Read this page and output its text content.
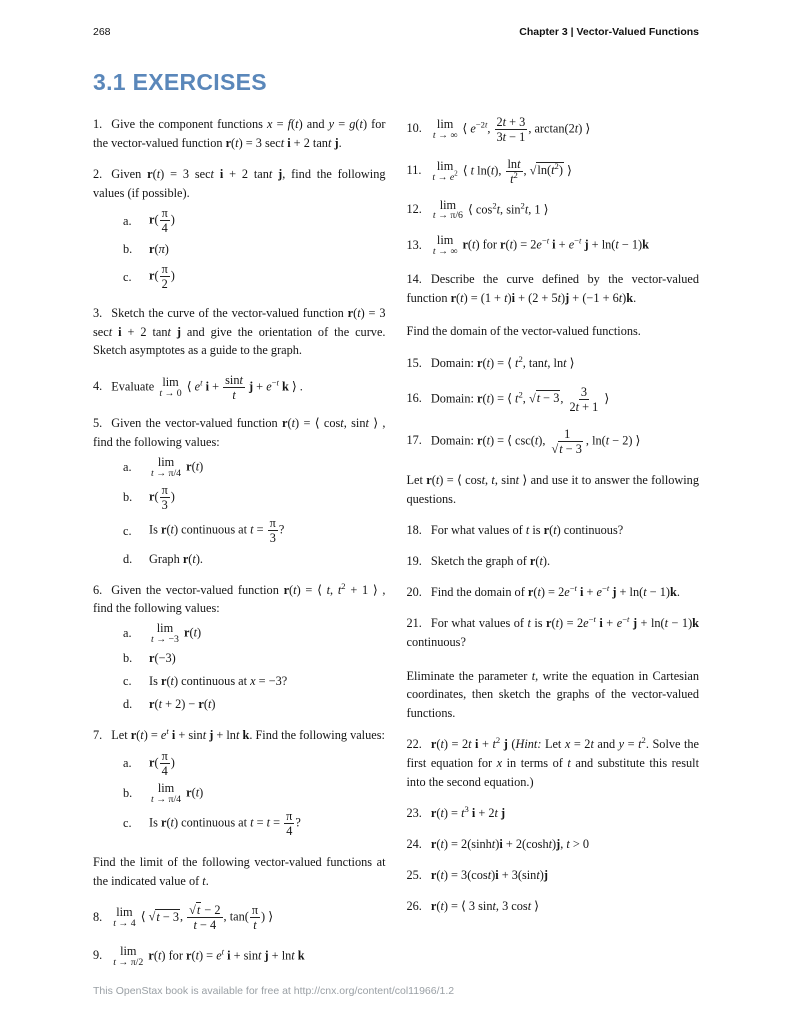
268	Chapter 3 | Vector-Valued Functions
3.1 EXERCISES

1. Give the component functions x = f(t) and y = g(t) for the vector-valued function r(t) = 3 sect i + 2 tant j.

2. Given r(t) = 3 sect i + 2 tant j, find the following values (if possible).

a.	$r( \frac{\pi}{4}$ )
b.	r(π)
c.	$r( \frac{\pi}{2}$ )

3. Sketch the curve of the vector-valued function r(t) = 3 sect i + 2 tant j and give the orientation of the curve. Sketch asymptotes as a guide to the graph.

4. Evaluate lim
t → 0 ⟨ $e^t$ $i + \frac{\sin t}{t}$ $j + e^{-t}$ k ⟩ .

5. Given the vector-valued function r(t) = ⟨ cost, sint ⟩ , find the following values:

a.	lim
t → π/4 r(t)
b.	$r( \frac{\pi}{3}$ )
c.	Is r(t) continuous at $t = \frac{\pi}{3}$ ?
d.	Graph r(t).

6. Given the vector-valued function r(t) = ⟨ t, $t^2 + 1$ ⟩ , find the following values:

a.	lim
t → −3 r(t)
b.	r(−3)
c.	Is r(t) continuous at x = −3?
d.	r(t + 2) − r(t)

7. Let $r(t) = e^t$ i + sint j + lnt k. Find the following values:

a.	$r( \frac{\pi}{4}$ )
b.	lim
t → π/4 r(t)
c.	Is r(t) continuous at $t = t = \frac{\pi}{4}$ ?

Find the limit of the following vector-valued functions at the indicated value of t.

8. lim
t → 4 ⟨ √t − 3, $\frac{√t - 2}{t - 4}$ , $\tan( \frac{\pi}{t}$ ) ⟩

9. lim
t → π/2 r(t) for $r(t) = e^t$ i + sint j + lnt k

10. lim
t → ∞ ⟨ $e^{-2t}$, $\frac{2t + 3}{3t - 1}$ , arctan(2t) ⟩

11. lim
$t \to e^2$ ⟨ t ln(t), $\frac{\ln t}{t^2}$ , $√\ln(t^2)$ ⟩

12. lim
t → π/6 ⟨ $\cos^2t$, $\sin^2t$, 1 ⟩

13. lim
t → ∞ r(t) for $r(t) = 2e^{-t}$ $i + e^{-t}$ j + ln(t − 1)k

14. Describe the curve defined by the vector-valued function r(t) = (1 + t)i + (2 + 5t)j + (−1 + 6t)k.

Find the domain of the vector-valued functions.

15. Domain: r(t) = ⟨ $t^2$, tant, lnt ⟩

16. Domain: r(t) = ⟨ $t^2$, √t − 3, $\frac{3}{2t + 1}$ ⟩

17. Domain: r(t) = ⟨ csc(t), $\frac{1}{√t - 3}$ , ln(t − 2) ⟩

Let r(t) = ⟨ cost, t, sint ⟩ and use it to answer the following questions.

18. For what values of t is r(t) continuous?

19. Sketch the graph of r(t).

20. Find the domain of $r(t) = 2e^{-t}$ $i + e^{-t}$ j + ln(t − 1)k.

21. For what values of t is $r(t) = 2e^{-t}$ $i + e^{-t}$ j + ln(t − 1)k continuous?

Eliminate the parameter t, write the equation in Cartesian coordinates, then sketch the graphs of the vector-valued functions.

22. r(t) = 2t $i + t^2$ j (Hint: Let x = 2t and $y = t^2$. Solve the first equation for x in terms of t and substitute this result into the second equation.)

23. $r(t) = t^3$ i + 2t j

24. r(t) = 2(sinht)i + 2(cosht)j, t > 0

25. r(t) = 3(cost)i + 3(sint)j

26. r(t) = ⟨ 3 sint, 3 cost ⟩

This OpenStax book is available for free at http://cnx.org/content/col11966/1.2
